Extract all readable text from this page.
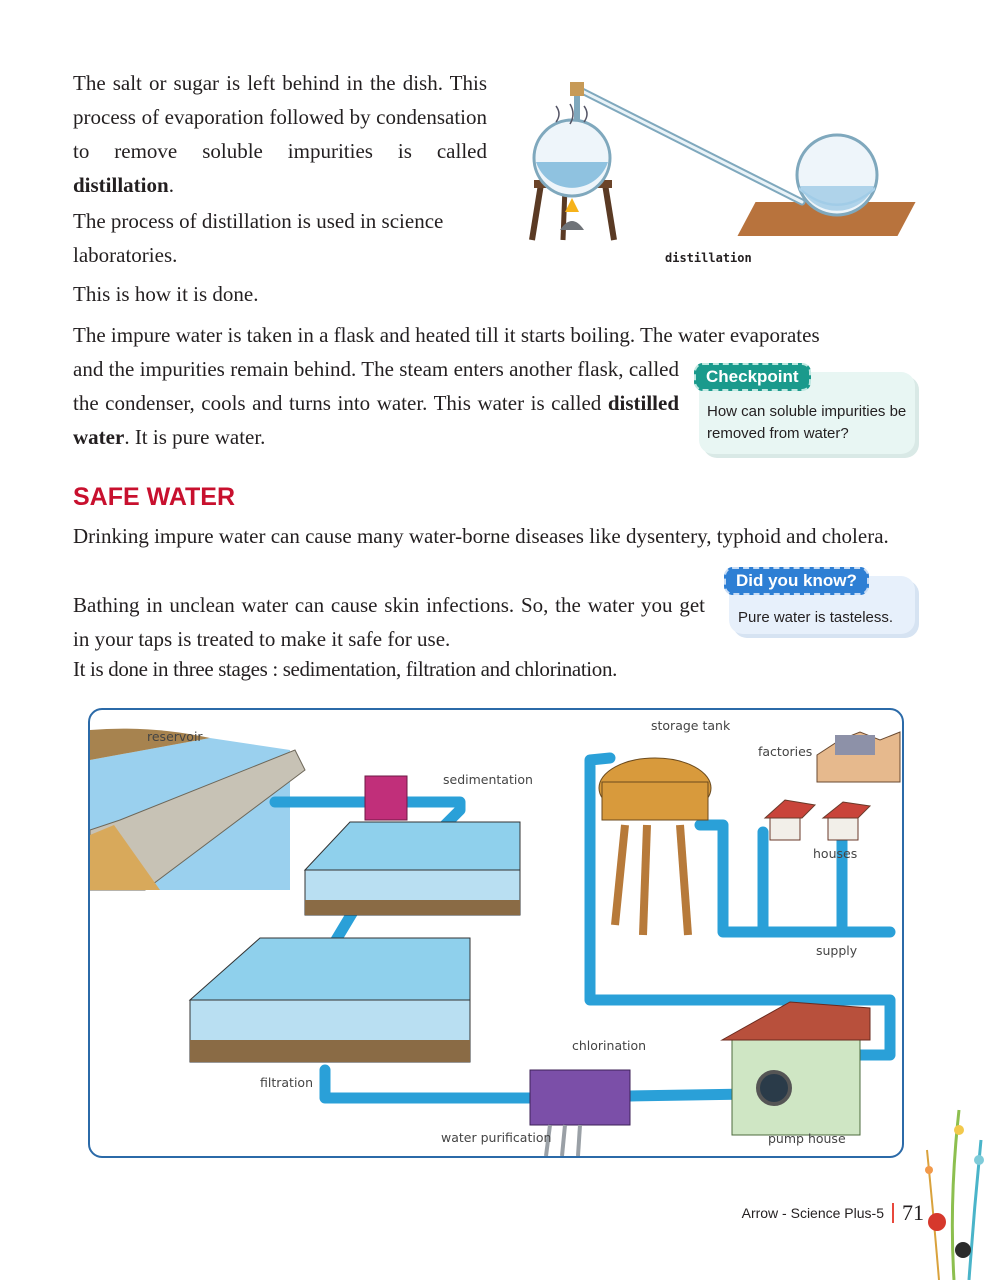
The salt or sugar is left behind in the dish. This process of evaporation followed by condensation to remove soluble impurities is called distillation.

The process of distillation is used in science laboratories.

This is how it is done.

The impure water is taken in a flask and heated till it starts boiling. The water evaporates

and the impurities remain behind. The steam enters another flask, called the condenser, cools and turns into water. This water is called distilled water. It is pure water.

distillation
Checkpoint
How can soluble impurities be removed from water?
SAFE WATER

Drinking impure water can cause many water-borne diseases like dysentery, typhoid and cholera.

Bathing in unclean water can cause skin infections. So, the water you get in your taps is treated to make it safe for use.

It is done in three stages : sedimentation, filtration and chlorination.

Did you know?
Pure water is tasteless.
reservoir
sedimentation
storage tank
factories
houses
supply
chlorination
filtration
water purification	pump house
Arrow - Science Plus-5 71
